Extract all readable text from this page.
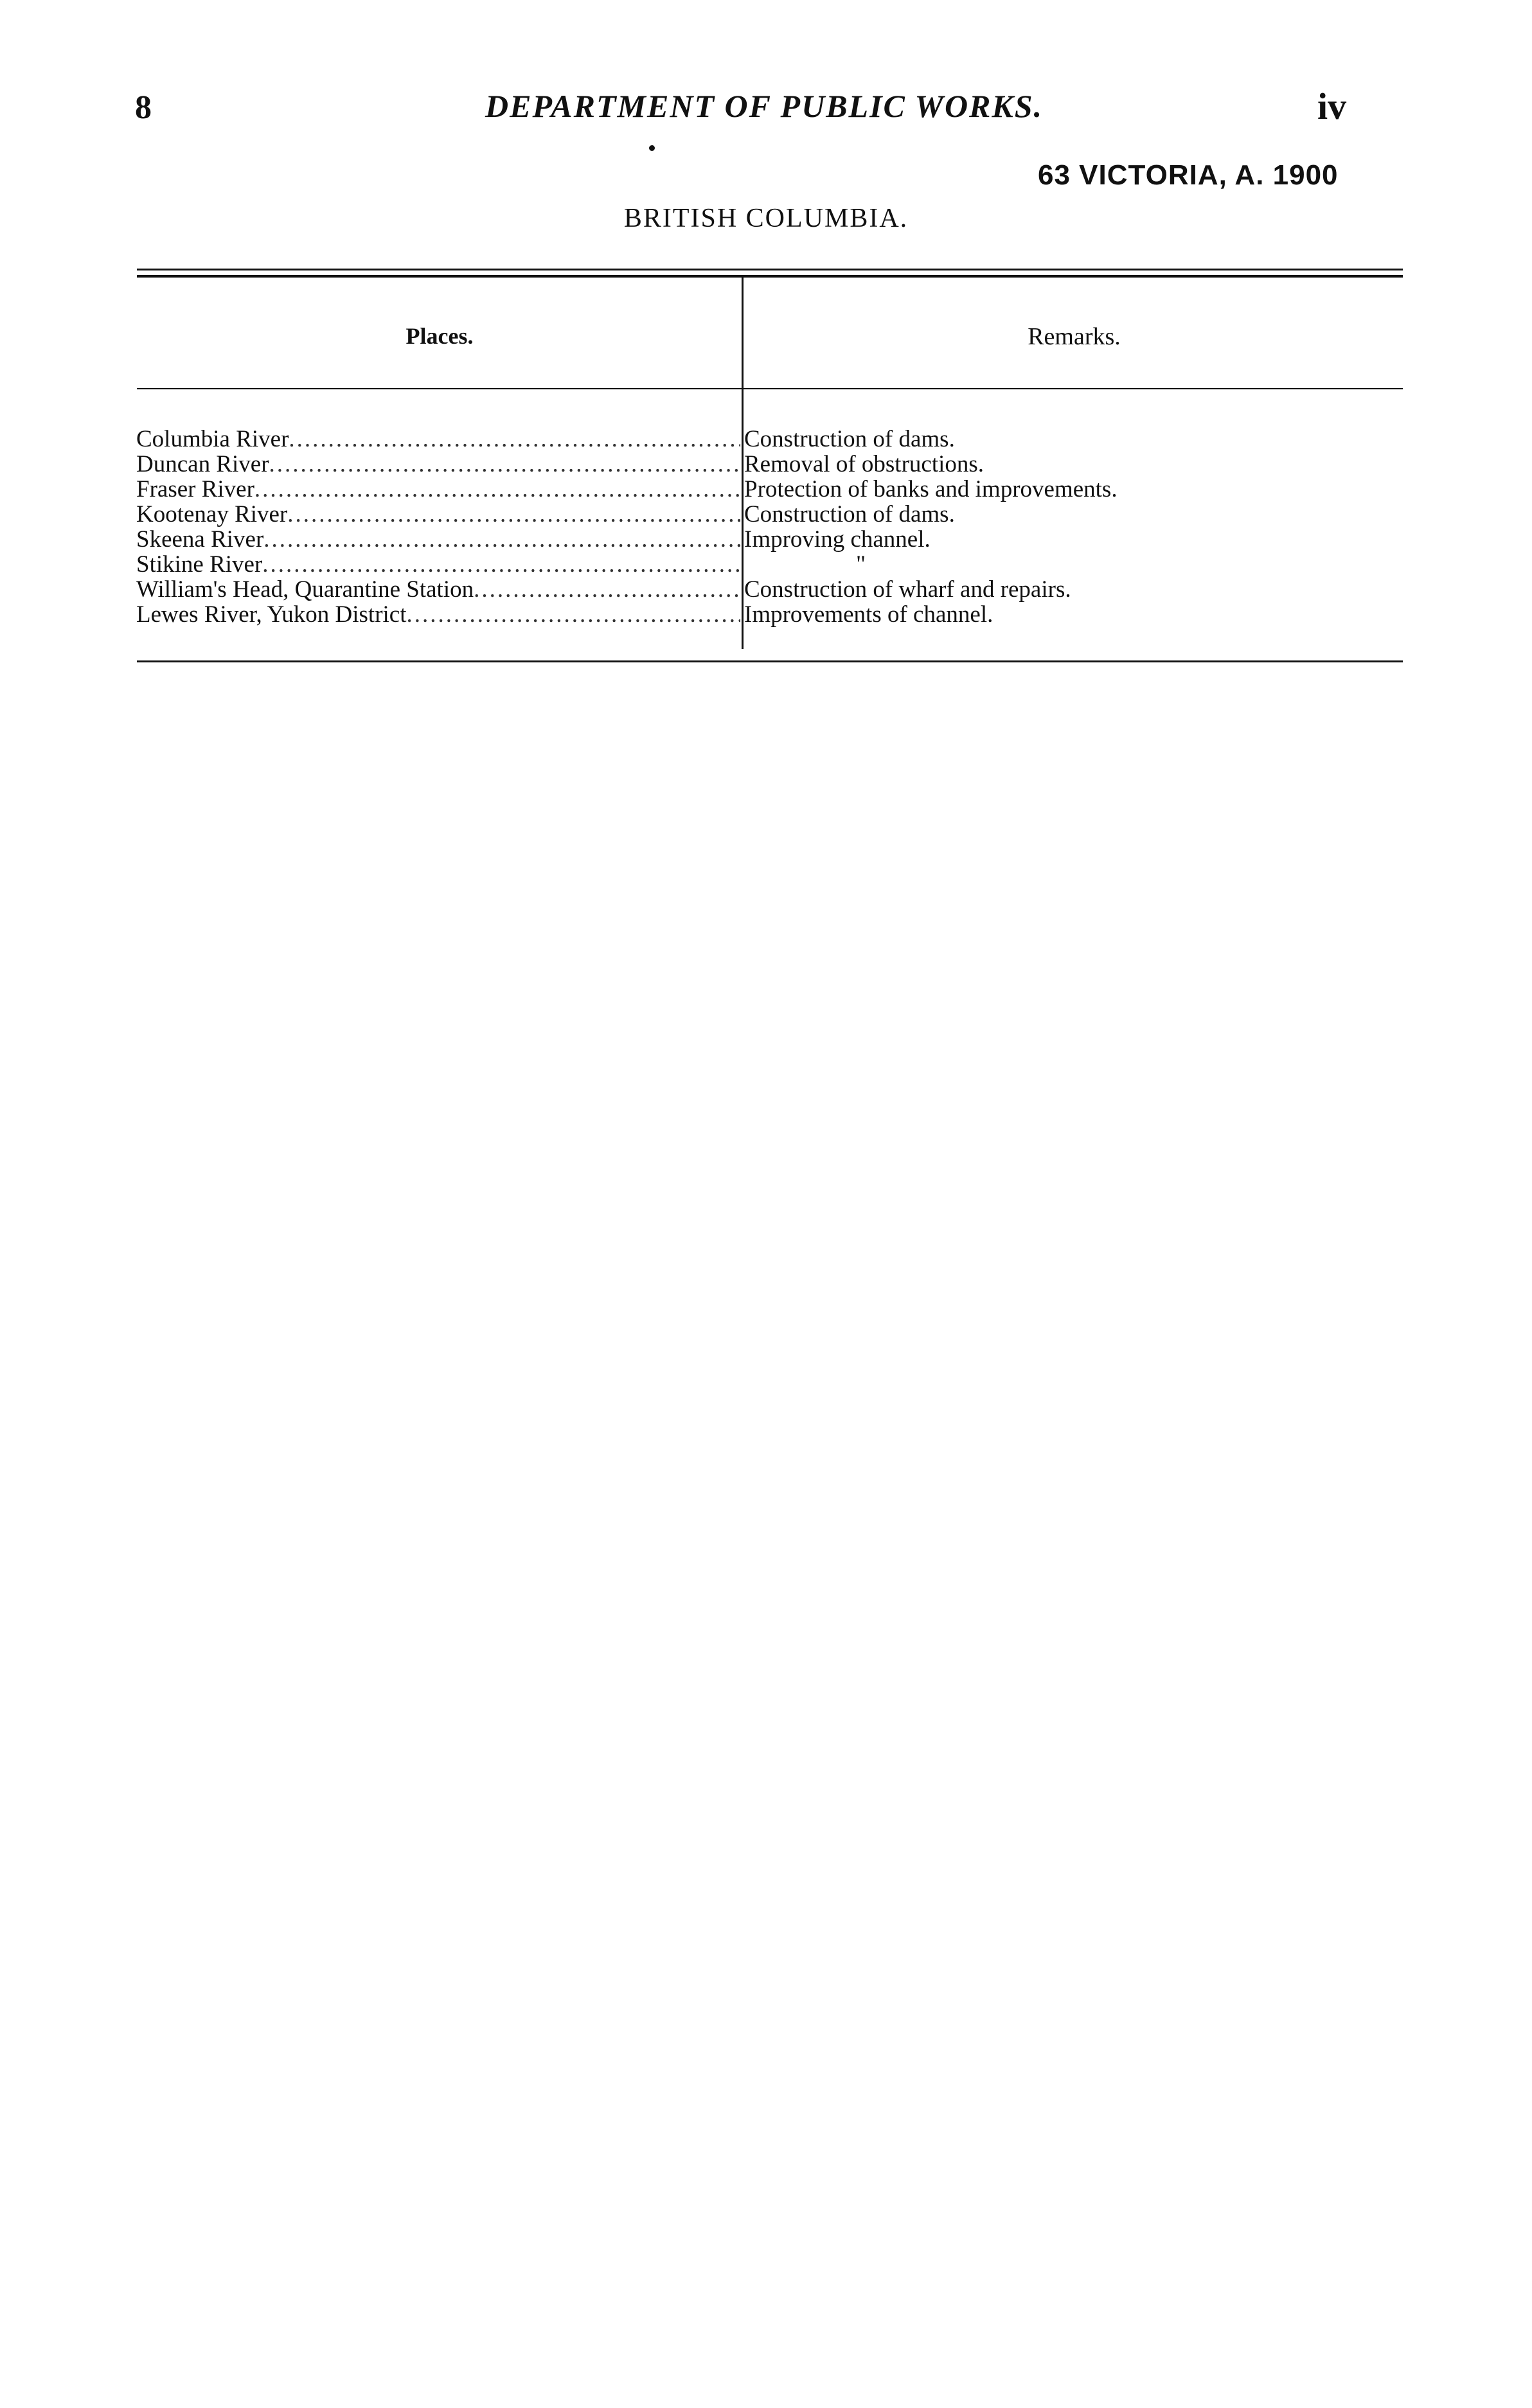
8	DEPARTMENT OF PUBLIC WORKS.	iv
63 VICTORIA, A. 1900
BRITISH COLUMBIA.
Places.	Remarks.
Columbia River .....	Construction of dams.
Duncan River .....	Removal of obstructions.
Fraser River .....	Protection of banks and improvements.
Kootenay River .....	Construction of dams.
Skeena River .....	Improving channel.
Stikine River .....	"
William's Head, Quarantine Station .....	Construction of wharf and repairs.
Lewes River, Yukon District .....	Improvements of channel.
